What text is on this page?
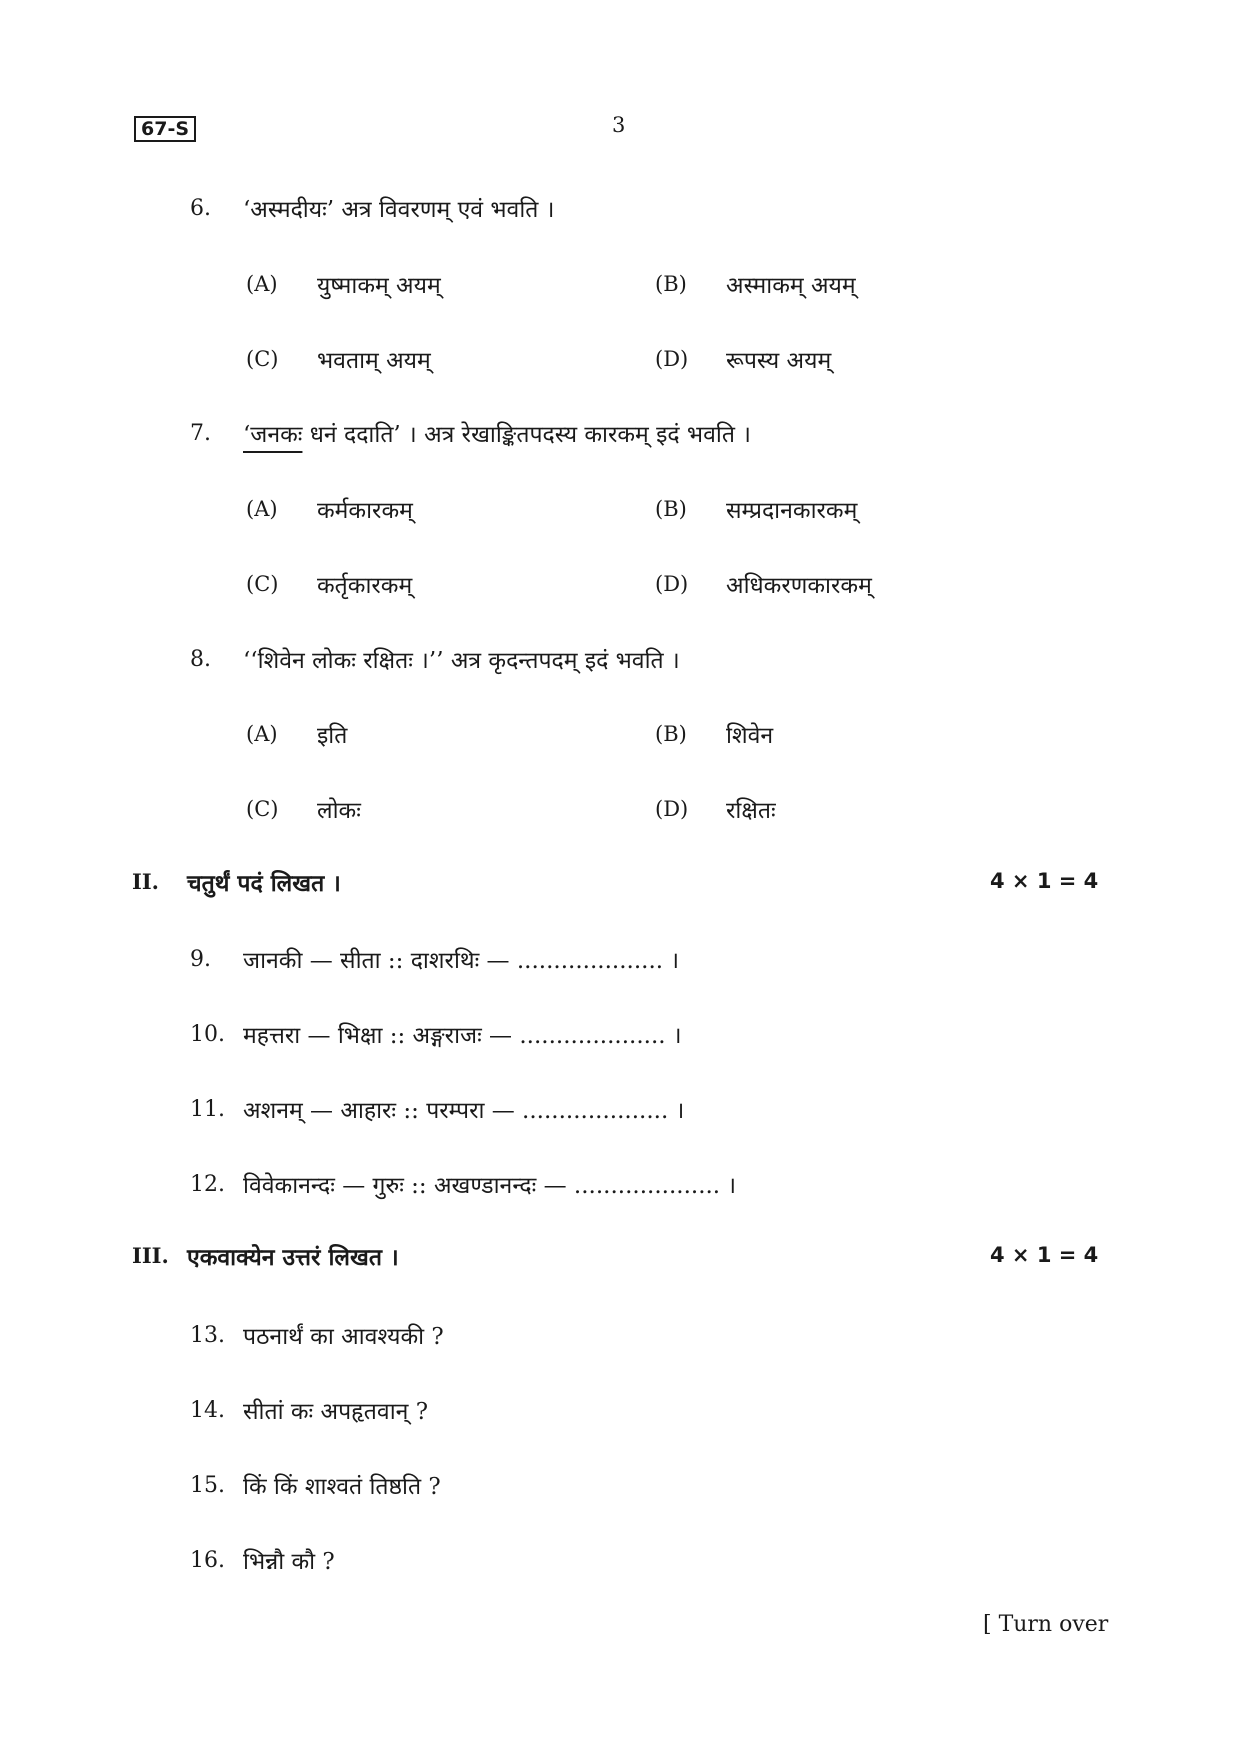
67-S	3
6. ‘अस्मदीयः’ अत्र विवरणम् एवं भवति ।
(A) युष्माकम् अयम्	(B) अस्माकम् अयम्
(C) भवताम् अयम्	(D) रूपस्य अयम्
7. ‘जनकः धनं ददाति’ । अत्र रेखाङ्कितपदस्य कारकम् इदं भवति ।
(A) कर्मकारकम्	(B) सम्प्रदानकारकम्
(C) कर्तृकारकम्	(D) अधिकरणकारकम्
8. ‘‘शिवेन लोकः रक्षितः ।’’ अत्र कृदन्तपदम् इदं भवति ।
(A) इति	(B) शिवेन
(C) लोकः	(D) रक्षितः
II. चतुर्थं पदं लिखत ।	4 × 1 = 4
9. जानकी — सीता :: दाशरथिः — .................... ।
10. महत्तरा — भिक्षा :: अङ्गराजः — .................... ।
11. अशनम् — आहारः :: परम्परा — .................... ।
12. विवेकानन्दः — गुरुः :: अखण्डानन्दः — .................... ।
III. एकवाक्येन उत्तरं लिखत ।	4 × 1 = 4
13. पठनार्थं का आवश्यकी ?
14. सीतां कः अपहृतवान् ?
15. किं किं शाश्वतं तिष्ठति ?
16. भिन्नौ कौ ?
[ Turn over
